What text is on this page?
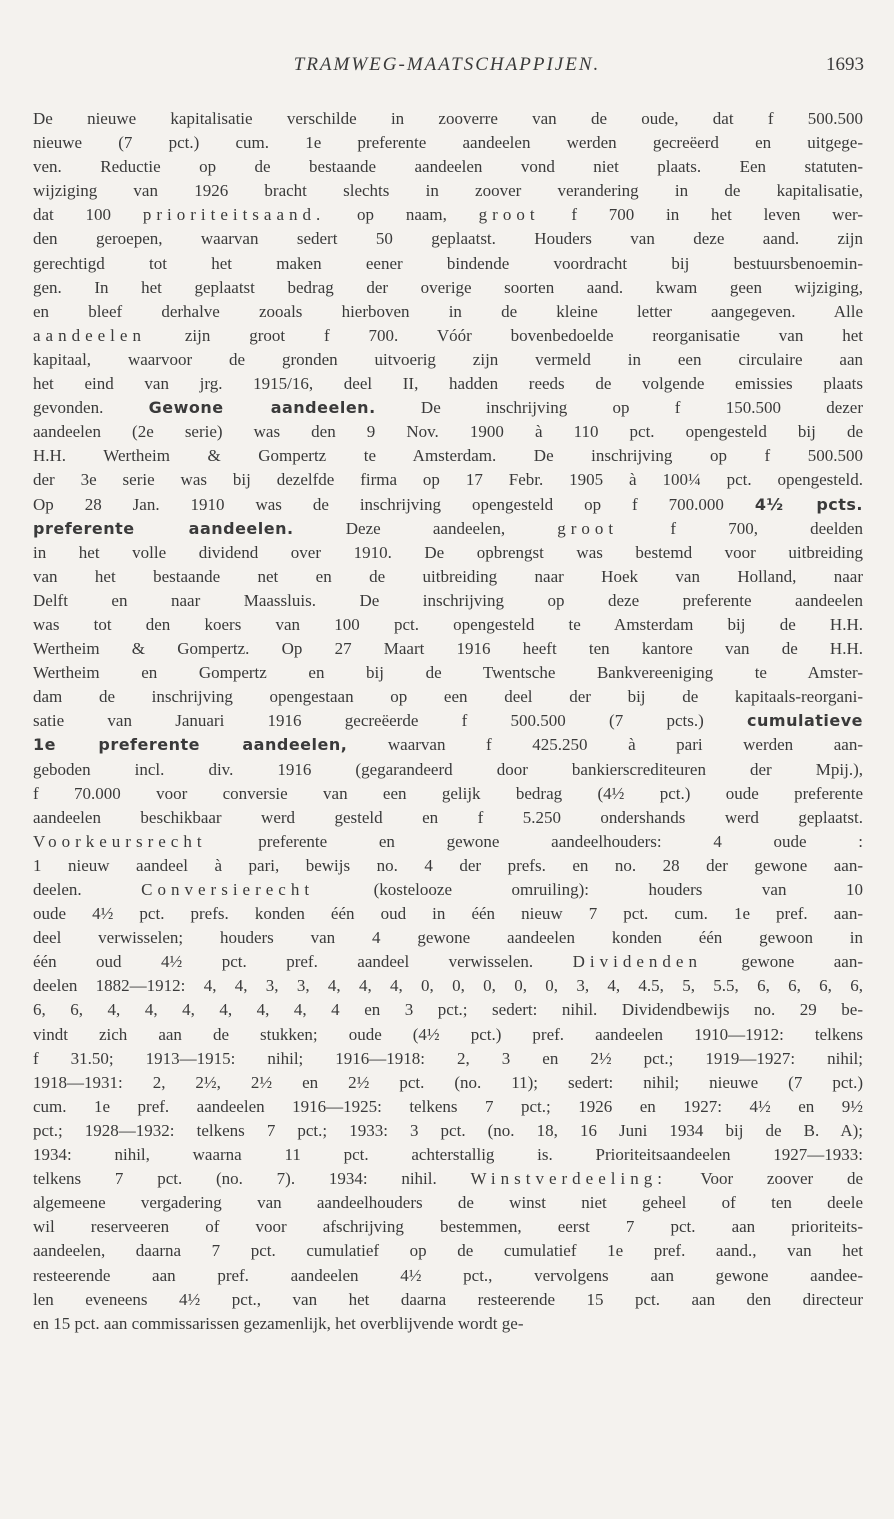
TRAMWEG-MAATSCHAPPIJEN.	1693
De nieuwe kapitalisatie verschilde in zooverre van de oude, dat f 500.500
nieuwe (7 pct.) cum. 1e preferente aandeelen werden gecreëerd en uitgege-
ven. Reductie op de bestaande aandeelen vond niet plaats. Een statuten-
wijziging van 1926 bracht slechts in zoover verandering in de kapitalisatie,
dat 100 prioriteitsaand. op naam, groot f 700 in het leven wer-
den geroepen, waarvan sedert 50 geplaatst. Houders van deze aand. zijn
gerechtigd tot het maken eener bindende voordracht bij bestuursbenoemin-
gen. In het geplaatst bedrag der overige soorten aand. kwam geen wijziging,
en bleef derhalve zooals hierboven in de kleine letter aangegeven. Alle
aandeelen zijn groot f 700. Vóór bovenbedoelde reorganisatie van het
kapitaal, waarvoor de gronden uitvoerig zijn vermeld in een circulaire aan
het eind van jrg. 1915/16, deel II, hadden reeds de volgende emissies plaats
gevonden. Gewone aandeelen. De inschrijving op f 150.500 dezer
aandeelen (2e serie) was den 9 Nov. 1900 à 110 pct. opengesteld bij de
H.H. Wertheim & Gompertz te Amsterdam. De inschrijving op f 500.500
der 3e serie was bij dezelfde firma op 17 Febr. 1905 à 100¼ pct. opengesteld.
Op 28 Jan. 1910 was de inschrijving opengesteld op f 700.000 4½ pcts.
preferente aandeelen. Deze aandeelen, groot f 700, deelden
in het volle dividend over 1910. De opbrengst was bestemd voor uitbreiding
van het bestaande net en de uitbreiding naar Hoek van Holland, naar
Delft en naar Maassluis. De inschrijving op deze preferente aandeelen
was tot den koers van 100 pct. opengesteld te Amsterdam bij de H.H.
Wertheim & Gompertz. Op 27 Maart 1916 heeft ten kantore van de H.H.
Wertheim en Gompertz en bij de Twentsche Bankvereeniging te Amster-
dam de inschrijving opengestaan op een deel der bij de kapitaals-reorgani-
satie van Januari 1916 gecreëerde f 500.500 (7 pcts.) cumulatieve
1e preferente aandeelen, waarvan f 425.250 à pari werden aan-
geboden incl. div. 1916 (gegarandeerd door bankierscrediteuren der Mpij.),
f 70.000 voor conversie van een gelijk bedrag (4½ pct.) oude preferente
aandeelen beschikbaar werd gesteld en f 5.250 ondershands werd geplaatst.
Voorkeursrecht preferente en gewone aandeelhouders: 4 oude :
1 nieuw aandeel à pari, bewijs no. 4 der prefs. en no. 28 der gewone aan-
deelen. Conversierecht (kostelooze omruiling): houders van 10
oude 4½ pct. prefs. konden één oud in één nieuw 7 pct. cum. 1e pref. aan-
deel verwisselen; houders van 4 gewone aandeelen konden één gewoon in
één oud 4½ pct. pref. aandeel verwisselen. Dividenden gewone aan-
deelen 1882—1912: 4, 4, 3, 3, 4, 4, 4, 0, 0, 0, 0, 0, 3, 4, 4.5, 5, 5.5, 6, 6, 6, 6,
6, 6, 4, 4, 4, 4, 4, 4, 4 en 3 pct.; sedert: nihil. Dividendbewijs no. 29 be-
vindt zich aan de stukken; oude (4½ pct.) pref. aandeelen 1910—1912: telkens
f 31.50; 1913—1915: nihil; 1916—1918: 2, 3 en 2½ pct.; 1919—1927: nihil;
1918—1931: 2, 2½, 2½ en 2½ pct. (no. 11); sedert: nihil; nieuwe (7 pct.)
cum. 1e pref. aandeelen 1916—1925: telkens 7 pct.; 1926 en 1927: 4½ en 9½
pct.; 1928—1932: telkens 7 pct.; 1933: 3 pct. (no. 18, 16 Juni 1934 bij de B. A);
1934: nihil, waarna 11 pct. achterstallig is. Prioriteitsaandeelen 1927—1933:
telkens 7 pct. (no. 7). 1934: nihil. Winstverdeeling: Voor zoover de
algemeene vergadering van aandeelhouders de winst niet geheel of ten deele
wil reserveeren of voor afschrijving bestemmen, eerst 7 pct. aan prioriteits-
aandeelen, daarna 7 pct. cumulatief op de cumulatief 1e pref. aand., van het
resteerende aan pref. aandeelen 4½ pct., vervolgens aan gewone aandee-
len eveneens 4½ pct., van het daarna resteerende 15 pct. aan den directeur
en 15 pct. aan commissarissen gezamenlijk, het overblijvende wordt ge-
